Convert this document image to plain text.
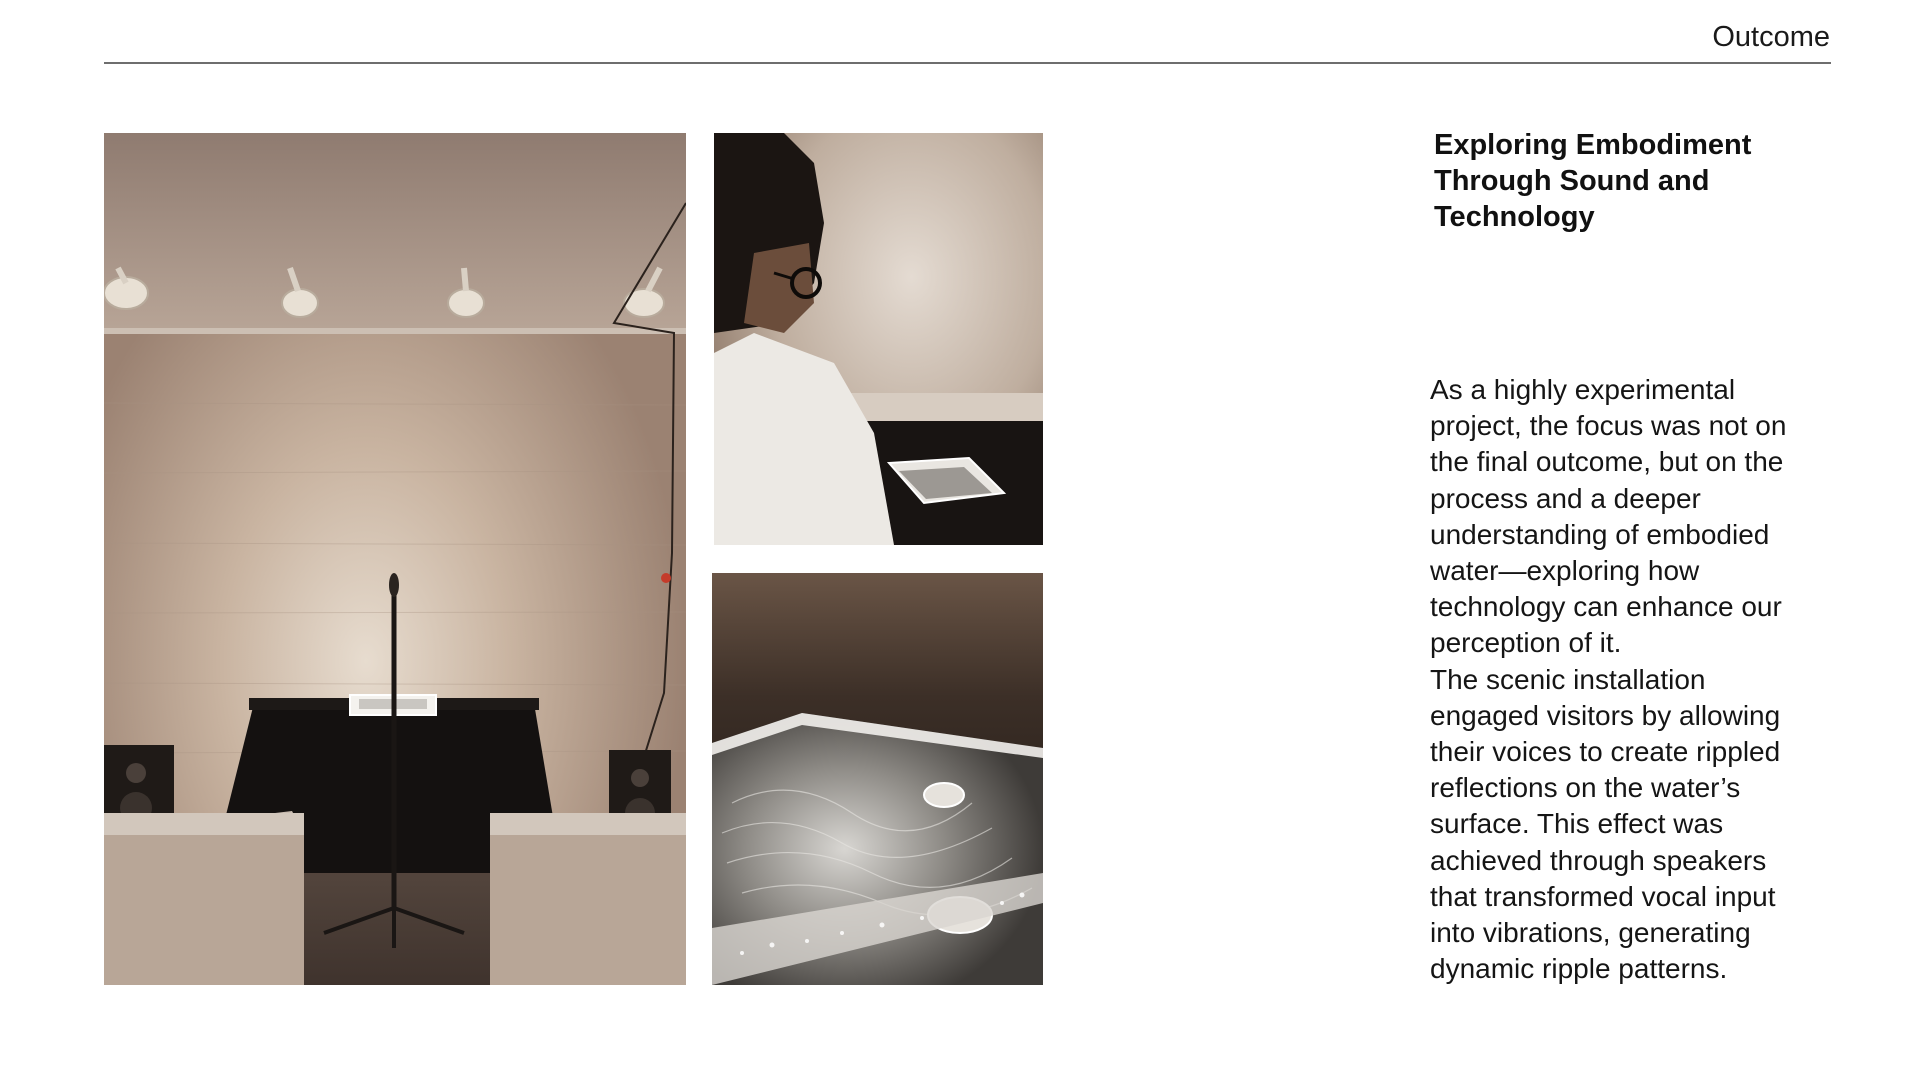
Outcome
Exploring Embodiment
Through Sound and
Technology
As a highly experimental
project, the focus was not on
the final outcome, but on the
process and a deeper
understanding of embodied
water—exploring how
technology can enhance our
perception of it.
The scenic installation
engaged visitors by allowing
their voices to create rippled
reflections on the water’s
surface. This effect was
achieved through speakers
that transformed vocal input
into vibrations, generating
dynamic ripple patterns.
